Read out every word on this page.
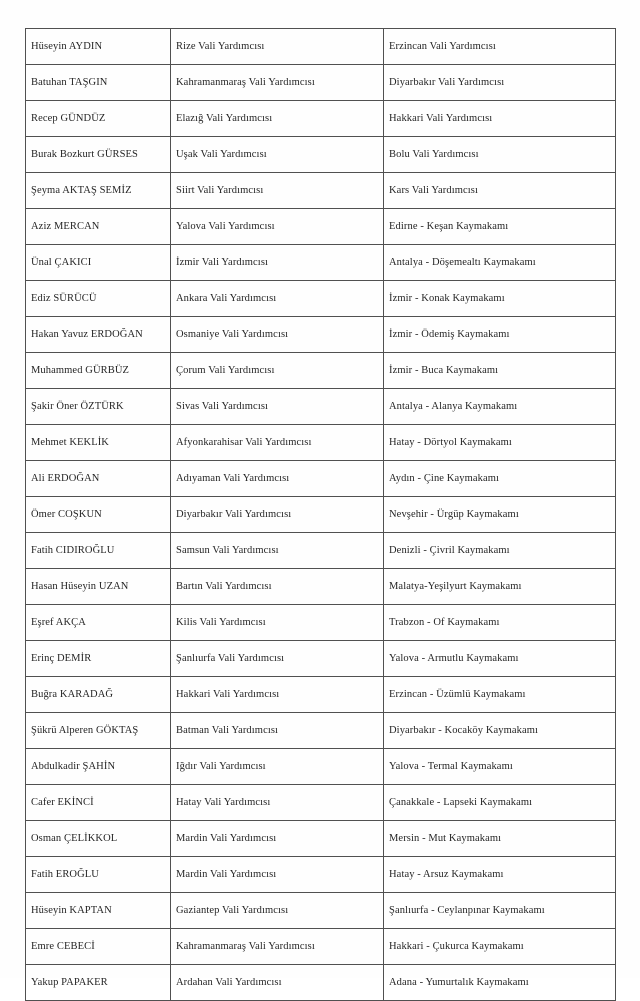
Hüseyin AYDIN	Rize Vali Yardımcısı	Erzincan Vali Yardımcısı
Batuhan TAŞGIN	Kahramanmaraş Vali Yardımcısı	Diyarbakır Vali Yardımcısı
Recep GÜNDÜZ	Elazığ Vali Yardımcısı	Hakkari Vali Yardımcısı
Burak Bozkurt GÜRSES	Uşak Vali Yardımcısı	Bolu Vali Yardımcısı
Şeyma AKTAŞ SEMİZ	Siirt Vali Yardımcısı	Kars Vali Yardımcısı
Aziz MERCAN	Yalova Vali Yardımcısı	Edirne - Keşan Kaymakamı
Ünal ÇAKICI	İzmir Vali Yardımcısı	Antalya - Döşemealtı Kaymakamı
Ediz SÜRÜCÜ	Ankara Vali Yardımcısı	İzmir - Konak Kaymakamı
Hakan Yavuz ERDOĞAN	Osmaniye Vali Yardımcısı	İzmir - Ödemiş Kaymakamı
Muhammed GÜRBÜZ	Çorum Vali Yardımcısı	İzmir - Buca Kaymakamı
Şakir Öner ÖZTÜRK	Sivas Vali Yardımcısı	Antalya - Alanya Kaymakamı
Mehmet KEKLİK	Afyonkarahisar Vali Yardımcısı	Hatay - Dörtyol Kaymakamı
Ali ERDOĞAN	Adıyaman Vali Yardımcısı	Aydın - Çine Kaymakamı
Ömer COŞKUN	Diyarbakır Vali Yardımcısı	Nevşehir - Ürgüp Kaymakamı
Fatih CIDIROĞLU	Samsun Vali Yardımcısı	Denizli - Çivril Kaymakamı
Hasan Hüseyin UZAN	Bartın Vali Yardımcısı	Malatya-Yeşilyurt Kaymakamı
Eşref AKÇA	Kilis Vali Yardımcısı	Trabzon - Of Kaymakamı
Erinç DEMİR	Şanlıurfa Vali Yardımcısı	Yalova - Armutlu Kaymakamı
Buğra KARADAĞ	Hakkari Vali Yardımcısı	Erzincan - Üzümlü Kaymakamı
Şükrü Alperen GÖKTAŞ	Batman Vali Yardımcısı	Diyarbakır - Kocaköy Kaymakamı
Abdulkadir ŞAHİN	Iğdır Vali Yardımcısı	Yalova - Termal Kaymakamı
Cafer EKİNCİ	Hatay Vali Yardımcısı	Çanakkale - Lapseki Kaymakamı
Osman ÇELİKKOL	Mardin Vali Yardımcısı	Mersin - Mut Kaymakamı
Fatih EROĞLU	Mardin Vali Yardımcısı	Hatay - Arsuz Kaymakamı
Hüseyin KAPTAN	Gaziantep Vali Yardımcısı	Şanlıurfa - Ceylanpınar Kaymakamı
Emre CEBECİ	Kahramanmaraş Vali Yardımcısı	Hakkari - Çukurca Kaymakamı
Yakup PAPAKER	Ardahan Vali Yardımcısı	Adana - Yumurtalık Kaymakamı
